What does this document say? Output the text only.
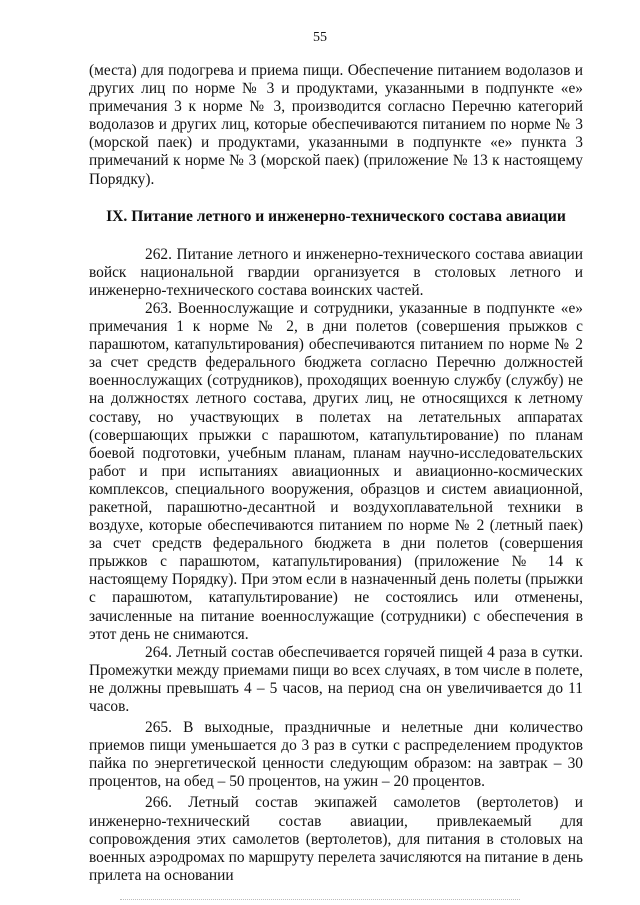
55

(места) для подогрева и приема пищи. Обеспечение питанием водолазов и других лиц по норме № 3 и продуктами, указанными в подпункте «е» примечания 3 к норме № 3, производится согласно Перечню категорий водолазов и других лиц, которые обеспечиваются питанием по норме № 3 (морской паек) и продуктами, указанными в подпункте «е» пункта 3 примечаний к норме № 3 (морской паек) (приложение № 13 к настоящему Порядку).

IX. Питание летного и инженерно-технического состава авиации

262. Питание летного и инженерно-технического состава авиации войск национальной гвардии организуется в столовых летного и инженерно-технического состава воинских частей.

263. Военнослужащие и сотрудники, указанные в подпункте «е» примечания 1 к норме № 2, в дни полетов (совершения прыжков с парашютом, катапультирования) обеспечиваются питанием по норме № 2 за счет средств федерального бюджета согласно Перечню должностей военнослужащих (сотрудников), проходящих военную службу (службу) не на должностях летного состава, других лиц, не относящихся к летному составу, но участвующих в полетах на летательных аппаратах (совершающих прыжки с парашютом, катапультирование) по планам боевой подготовки, учебным планам, планам научно-исследовательских работ и при испытаниях авиационных и авиационно-космических комплексов, специального вооружения, образцов и систем авиационной, ракетной, парашютно-десантной и воздухоплавательной техники в воздухе, которые обеспечиваются питанием по норме № 2 (летный паек) за счет средств федерального бюджета в дни полетов (совершения прыжков с парашютом, катапультирования) (приложение № 14 к настоящему Порядку). При этом если в назначенный день полеты (прыжки с парашютом, катапультирование) не состоялись или отменены, зачисленные на питание военнослужащие (сотрудники) с обеспечения в этот день не снимаются.

264. Летный состав обеспечивается горячей пищей 4 раза в сутки. Промежутки между приемами пищи во всех случаях, в том числе в полете, не должны превышать 4 – 5 часов, на период сна он увеличивается до 11 часов.

265. В выходные, праздничные и нелетные дни количество приемов пищи уменьшается до 3 раз в сутки с распределением продуктов пайка по энергетической ценности следующим образом: на завтрак – 30 процентов, на обед – 50 процентов, на ужин – 20 процентов.

266. Летный состав экипажей самолетов (вертолетов) и инженерно-технический состав авиации, привлекаемый для сопровождения этих самолетов (вертолетов), для питания в столовых на военных аэродромах по маршруту перелета зачисляются на питание в день прилета на основании
